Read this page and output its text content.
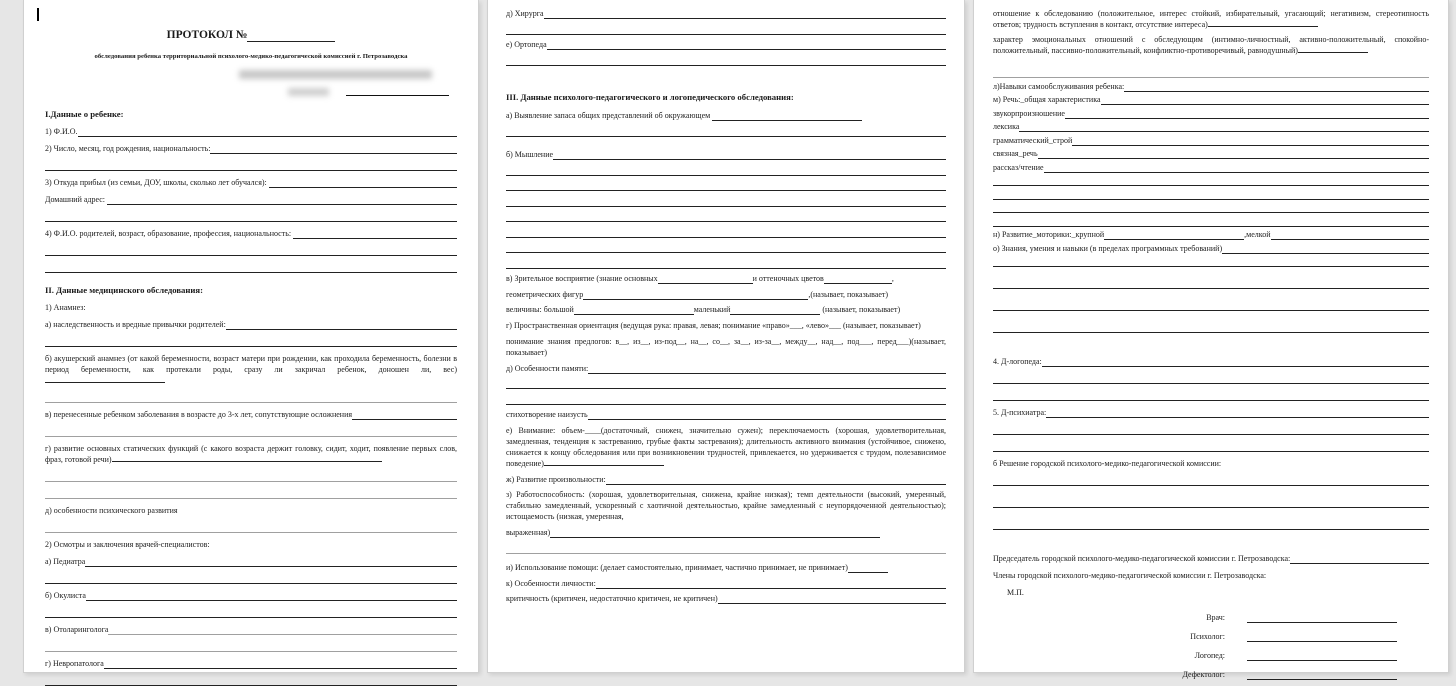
ПРОТОКОЛ №
обследования ребенка территориальной психолого-медико-педагогической комиссией г. Петрозаводска
I.Данные о ребенке:
1) Ф.И.О.
2) Число, месяц, год рождения, национальность:
3) Откуда прибыл (из семьи, ДОУ, школы, сколько лет обучался):
Домашний адрес:
4) Ф.И.О. родителей, возраст, образование, профессия, национальность:
II. Данные медицинского обследования:
1) Анамнез:
а) наследственность и вредные привычки родителей:
б) акушерский анамнез (от какой беременности, возраст матери при рождении, как проходила беременность, болезни в период беременности, как протекали роды, сразу ли закричал ребенок, доношен ли, вес)
в) перенесенные ребенком заболевания в возрасте до 3-х лет, сопутствующие осложнения
г) развитие основных статических функций (с какого возраста держит головку, сидит, ходит, появление первых слов, фраз, готовой речи)
д) особенности психического развития
2) Осмотры и заключения врачей-специалистов:
а) Педиатра
б) Окулиста
в) Отоларинголога
г) Невропатолога
д) Хирурга
е) Ортопеда
III. Данные психолого-педагогического и логопедического обследования:
а) Выявление запаса общих представлений об окружающем
б) Мышление
в) Зрительное восприятие (знание основных	и оттеночных цветов	,
геометрических фигур	,(называет, показывает)
величины: большой	маленький	(называет, показывает)
г) Пространственная ориентация (ведущая рука: правая, левая; понимание «право»___, «лево»___ (называет, показывает)
понимание знания предлогов: в__, из__, из-под__, на__, со__, за__, из-за__, между__, над__, под___, перед___)(называет, показывает)
д) Особенности памяти:
стихотворение наизусть
е) Внимание: объем-____(достаточный, снижен, значительно сужен); переключаемость (хорошая, удовлетворительная, замедленная, тенденция к застреванию, грубые факты застревания); длительность активного внимания (устойчивое, снижено, снижается к концу обследования или при возникновении трудностей, привлекается, но удерживается с трудом, полезависимое поведение)
ж) Развитие произвольности:
з) Работоспособность: (хорошая, удовлетворительная, снижена, крайне низкая); темп деятельности (высокий, умеренный, стабильно замедленный, ускоренный с хаотичной деятельностью, крайне замедленный с неупорядоченной деятельностью); истощаемость (низкая, умеренная,
выраженная)
и) Использование помощи: (делает самостоятельно, принимает, частично принимает, не принимает)
к) Особенности личности:
критичность (критичен, недостаточно критичен, не критичен)
отношение к обследованию (положительное, интерес стойкий, избирательный, угасающий; негативизм, стереотипность ответов; трудность вступления в контакт, отсутствие интереса)
характер эмоциональных отношений с обследующим (интимно-личностный, активно-положительный, спокойно-положительный, пассивно-положительный, конфликтно-противоречивый, равнодушный)
л)Навыки самообслуживания ребенка:
м) Речь:_общая характеристика
звукорпроизношение
лексика
грамматический_строй
связная_речь
рассказ/чтение
н) Развитие_моторики:_крупной	,мелкой
о) Знания, умения и навыки (в пределах программных требований)
4. Д-логопеда:
5. Д-психиатра:
б Решение городской психолого-медико-педагогической комиссии:
Председатель городской психолого-медико-педагогической комиссии г. Петрозаводска:
Члены городской психолого-медико-педагогической комиссии г. Петрозаводска:
М.П.
Врач:
Психолог:
Логопед:
Дефектолог:
